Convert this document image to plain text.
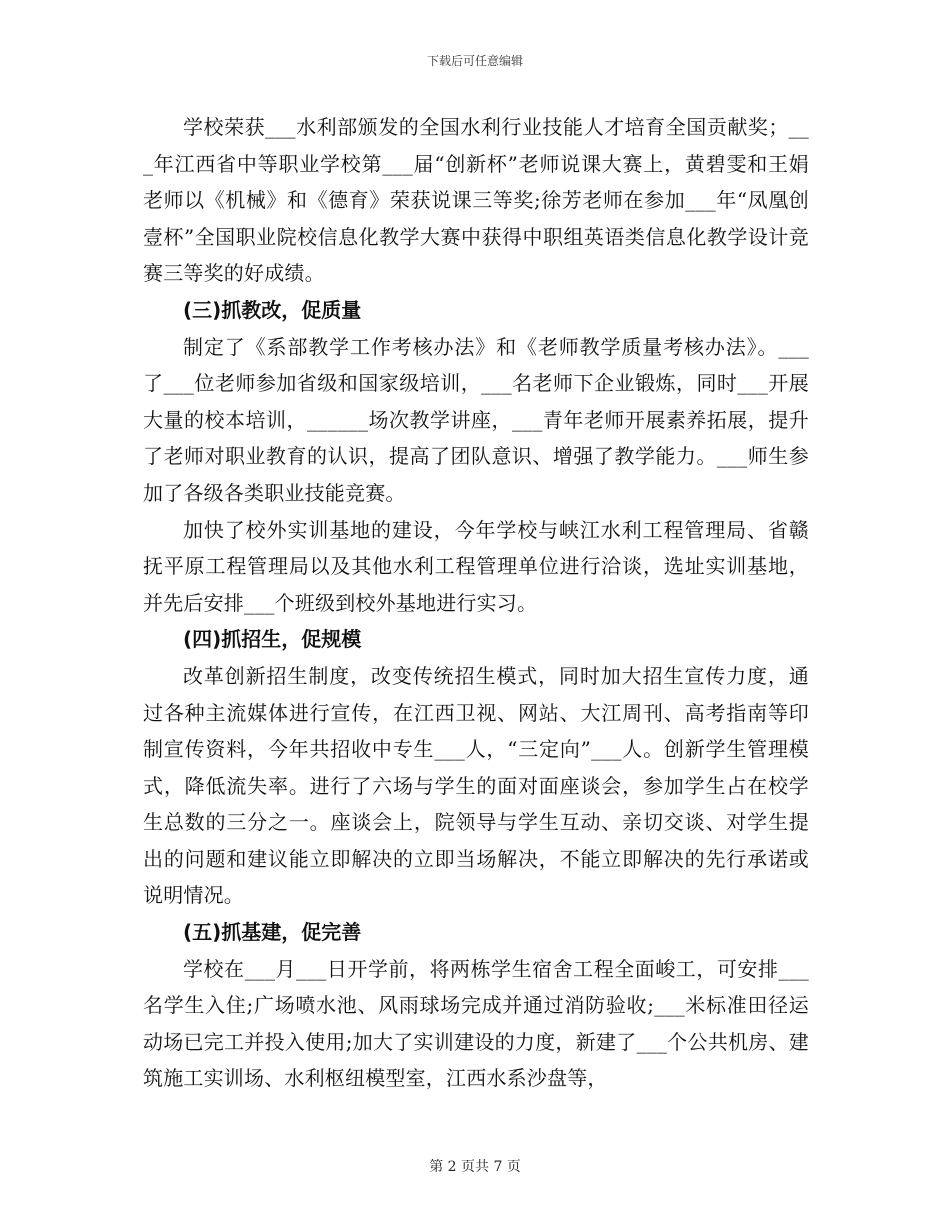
下载后可任意编辑

学校荣获___水利部颁发的全国水利行业技能人才培育全国贡献奖；___年江西省中等职业学校第___届“创新杯”老师说课大赛上，黄碧雯和王娟老师以《机械》和《德育》荣获说课三等奖;徐芳老师在参加___年“凤凰创壹杯”全国职业院校信息化教学大赛中获得中职组英语类信息化教学设计竞赛三等奖的好成绩。

(三)抓教改，促质量

制定了《系部教学工作考核办法》和《老师教学质量考核办法》。___了___位老师参加省级和国家级培训，___名老师下企业锻炼，同时___开展大量的校本培训，______场次教学讲座，___青年老师开展素养拓展，提升了老师对职业教育的认识，提高了团队意识、增强了教学能力。___师生参加了各级各类职业技能竞赛。

加快了校外实训基地的建设，今年学校与峡江水利工程管理局、省赣抚平原工程管理局以及其他水利工程管理单位进行洽谈，选址实训基地，并先后安排___个班级到校外基地进行实习。

(四)抓招生，促规模

改革创新招生制度，改变传统招生模式，同时加大招生宣传力度，通过各种主流媒体进行宣传，在江西卫视、网站、大江周刊、高考指南等印制宣传资料，今年共招收中专生___人，“三定向”___人。创新学生管理模式，降低流失率。进行了六场与学生的面对面座谈会，参加学生占在校学生总数的三分之一。座谈会上，院领导与学生互动、亲切交谈、对学生提出的问题和建议能立即解决的立即当场解决，不能立即解决的先行承诺或说明情况。

(五)抓基建，促完善

学校在___月___日开学前，将两栋学生宿舍工程全面峻工，可安排___名学生入住;广场喷水池、风雨球场完成并通过消防验收;___米标准田径运动场已完工并投入使用;加大了实训建设的力度，新建了___个公共机房、建筑施工实训场、水利枢纽模型室，江西水系沙盘等，

第 2 页共 7 页
